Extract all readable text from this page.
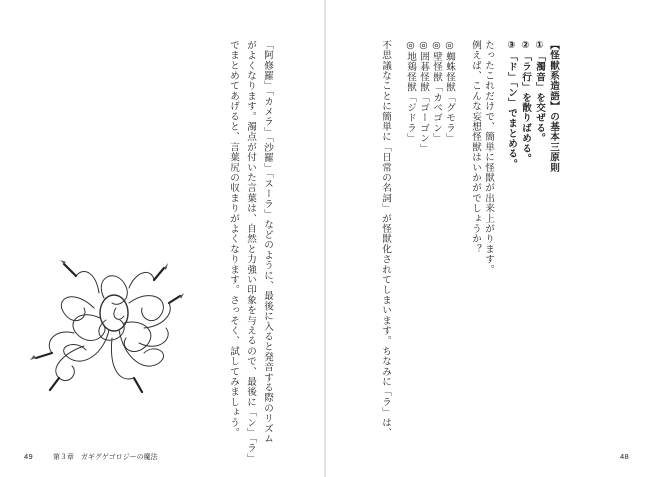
「阿修羅」「カメラ」「沙羅」「スーラ」などのように、最後に入ると発音する際のリズム
がよくなります。濁点が付いた言葉は、自然と力強い印象を与えるので、最後に「ン」「ラ」
でまとめてあげると、言葉尻の収まりがよくなります。さっそく、試してみましょう。
49	第３章　ガギグゲゴロジーの魔法
【怪獣系造語】の基本三原則
①「濁音」を交ぜる。
②「ラ行」を散りばめる。
③「ド」「ン」でまとめる。
たったこれだけで、簡単に怪獣が出来上がります。
例えば、こんな妄想怪獣はいかがでしょうか？
◎蜘蛛怪獣「グモラ」
◎壁怪獣「カベゴン」
◎囲碁怪獣「ゴーゴン」
◎地鶏怪獣「ジドラ」
不思議なことに簡単に「日常の名詞」が怪獣化されてしまいます。ちなみに「ラ」は、
48
